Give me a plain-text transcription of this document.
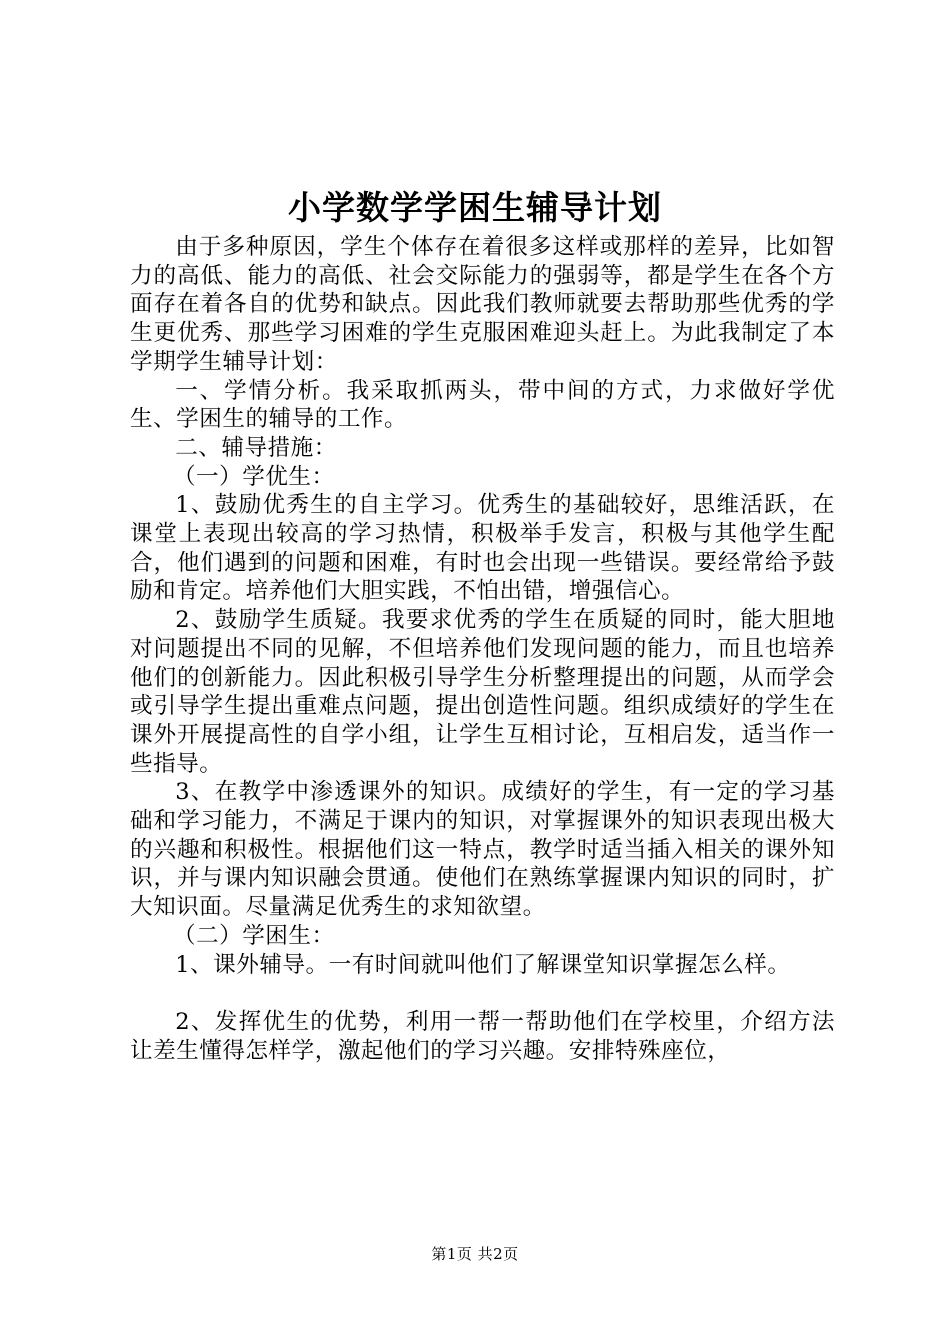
小学数学学困生辅导计划

由于多种原因，学生个体存在着很多这样或那样的差异，比如智力的高低、能力的高低、社会交际能力的强弱等，都是学生在各个方面存在着各自的优势和缺点。因此我们教师就要去帮助那些优秀的学生更优秀、那些学习困难的学生克服困难迎头赶上。为此我制定了本学期学生辅导计划：

一、学情分析。我采取抓两头，带中间的方式，力求做好学优生、学困生的辅导的工作。

二、辅导措施：

（一）学优生：

1、鼓励优秀生的自主学习。优秀生的基础较好，思维活跃，在课堂上表现出较高的学习热情，积极举手发言，积极与其他学生配合，他们遇到的问题和困难，有时也会出现一些错误。要经常给予鼓励和肯定。培养他们大胆实践，不怕出错，增强信心。

2、鼓励学生质疑。我要求优秀的学生在质疑的同时，能大胆地对问题提出不同的见解，不但培养他们发现问题的能力，而且也培养他们的创新能力。因此积极引导学生分析整理提出的问题，从而学会或引导学生提出重难点问题，提出创造性问题。组织成绩好的学生在课外开展提高性的自学小组，让学生互相讨论，互相启发，适当作一些指导。

3、在教学中渗透课外的知识。成绩好的学生，有一定的学习基础和学习能力，不满足于课内的知识，对掌握课外的知识表现出极大的兴趣和积极性。根据他们这一特点，教学时适当插入相关的课外知识，并与课内知识融会贯通。使他们在熟练掌握课内知识的同时，扩大知识面。尽量满足优秀生的求知欲望。

（二）学困生：

1、课外辅导。一有时间就叫他们了解课堂知识掌握怎么样。

2、发挥优生的优势，利用一帮一帮助他们在学校里，介绍方法让差生懂得怎样学，激起他们的学习兴趣。安排特殊座位，

第1页 共2页
